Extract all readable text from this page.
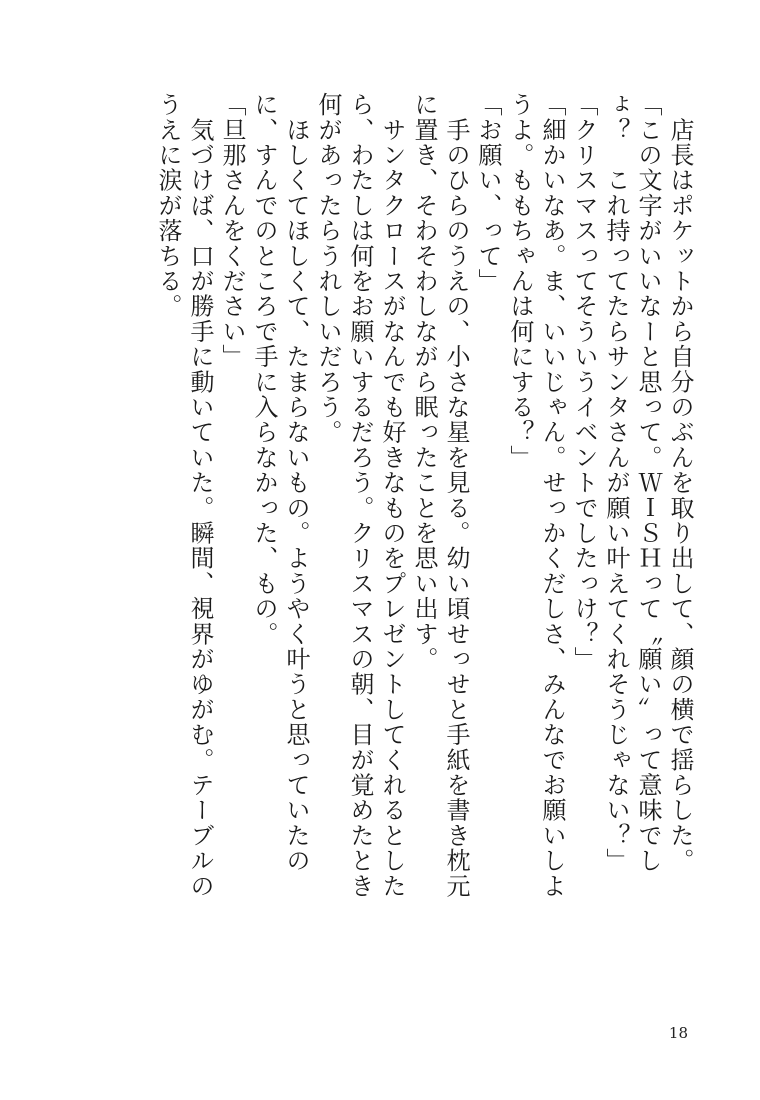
　店長はポケットから自分のぶんを取り出して、顔の横で揺らした。

「この文字がいいなーと思って。ＷＩＳＨって〝願い〟って意味でしょ？　これ持ってたらサンタさんが願い叶えてくれそうじゃない？」

「クリスマスってそういうイベントでしたっけ？」

「細かいなあ。ま、いいじゃん。せっかくだしさ、みんなでお願いしようよ。ももちゃんは何にする？」

「お願い、って」

　手のひらのうえの、小さな星を見る。幼い頃せっせと手紙を書き枕元に置き、そわそわしながら眠ったことを思い出す。

　サンタクロースがなんでも好きなものをプレゼントしてくれるとしたら、わたしは何をお願いするだろう。クリスマスの朝、目が覚めたとき何があったらうれしいだろう。

　ほしくてほしくて、たまらないもの。ようやく叶うと思っていたのに、すんでのところで手に入らなかった、もの。

「旦那さんをください」

　気づけば、口が勝手に動いていた。瞬間、視界がゆがむ。テーブルのうえに涙が落ちる。

18
